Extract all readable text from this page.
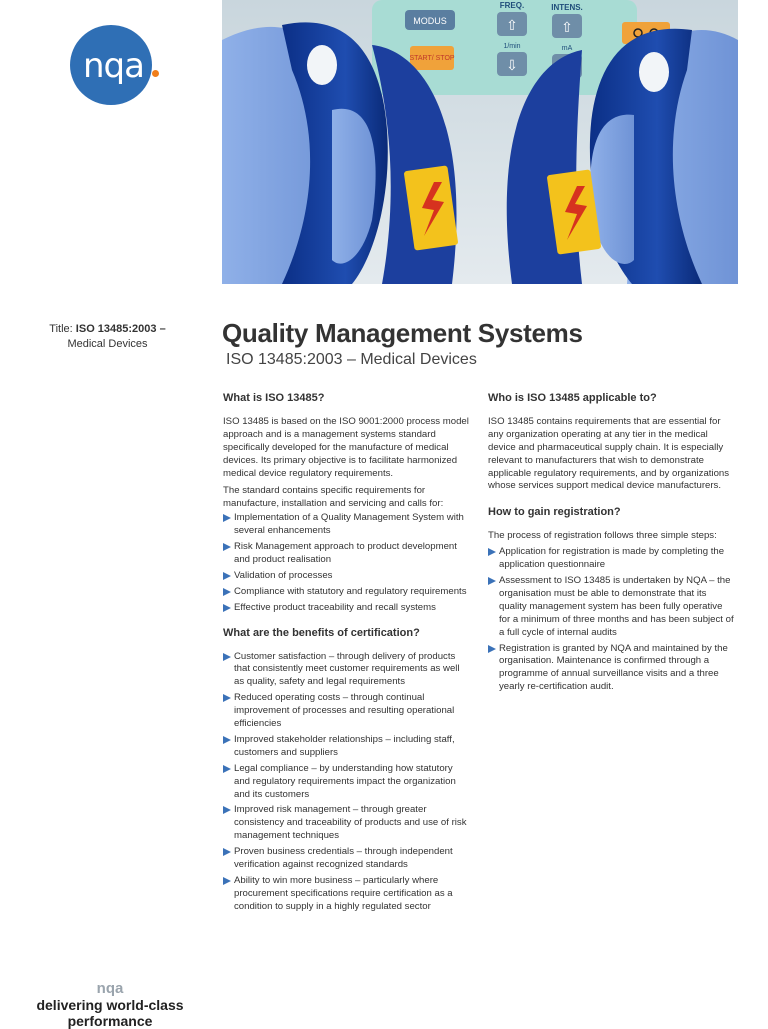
nqa
MODUS
START/ STOP
FREQ.	INTENS.
⇧	⇧
1/min	mA
⇩
Title: ISO 13485:2003 –
Medical Devices	Quality Management Systems
ISO 13485:2003 – Medical Devices
What is ISO 13485?

ISO 13485 is based on the ISO 9001:2000 process model approach and is a management systems standard specifically developed for the manufacture of medical devices. Its primary objective is to facilitate harmonized medical device regulatory requirements.

The standard contains specific requirements for manufacture, installation and servicing and calls for:

Implementation of a Quality Management System with several enhancements
Risk Management approach to product development and product realisation
Validation of processes
Compliance with statutory and regulatory requirements
Effective product traceability and recall systems
What are the benefits of certification?
Customer satisfaction – through delivery of products that consistently meet customer requirements as well as quality, safety and legal requirements
Reduced operating costs – through continual improvement of processes and resulting operational efficiencies
Improved stakeholder relationships – including staff, customers and suppliers
Legal compliance – by understanding how statutory and regulatory requirements impact the organization and its customers
Improved risk management – through greater consistency and traceability of products and use of risk management techniques
Proven business credentials – through independent verification against recognized standards
Ability to win more business – particularly where procurement specifications require certification as a condition to supply in a highly regulated sector
Who is ISO 13485 applicable to?

ISO 13485 contains requirements that are essential for any organization operating at any tier in the medical device and pharmaceutical supply chain. It is especially relevant to manufacturers that wish to demonstrate applicable regulatory requirements, and by organizations whose services support medical device manufacturers.

How to gain registration?

The process of registration follows three simple steps:

Application for registration is made by completing the application questionnaire
Assessment to ISO 13485 is undertaken by NQA – the organisation must be able to demonstrate that its quality management system has been fully operative for a minimum of three months and has been subject of a full cycle of internal audits
Registration is granted by NQA and maintained by the organisation. Maintenance is confirmed through a programme of annual surveillance visits and a three yearly re-certification audit.
nqa
delivering world-class performance
